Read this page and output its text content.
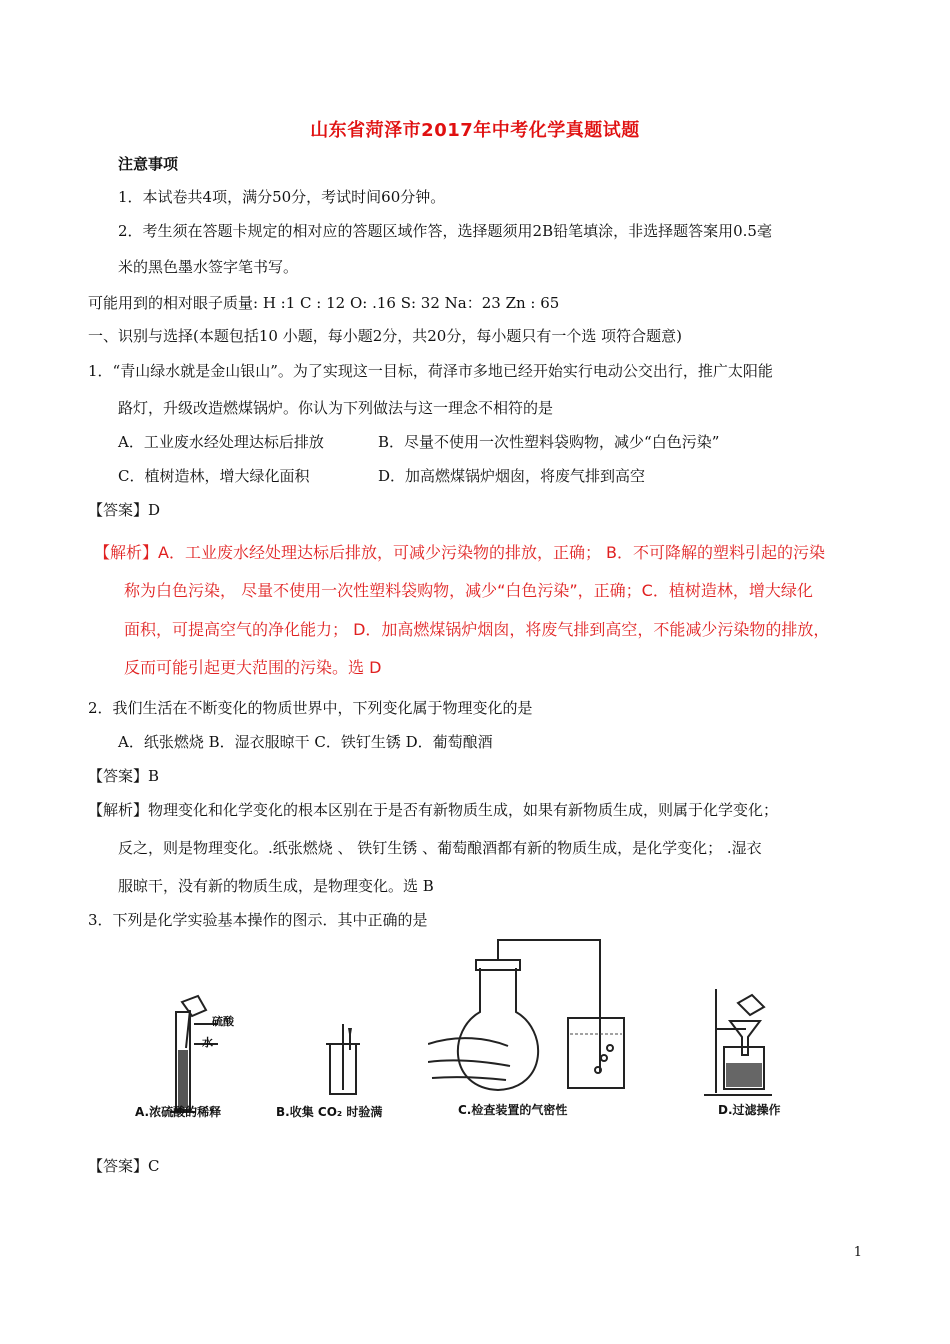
山东省菏泽市2017年中考化学真题试题
注意事项
1．本试卷共4项，满分50分，考试时间60分钟。
2．考生须在答题卡规定的相对应的答题区域作答，选择题须用2B铅笔填涂，非选择题答案用0.5毫
米的黑色墨水签字笔书写。
可能用到的相对眼子质量: H :1 C : 12 O: .16 S: 32 Na：23 Zn : 65
一、识别与选择(本题包括10 小题，每小题2分，共20分，每小题只有一个选 项符合题意)
1．“青山绿水就是金山银山”。为了实现这一目标，荷泽市多地已经开始实行电动公交出行，推广太阳能
路灯，升级改造燃煤锅炉。你认为下列做法与这一理念不相符的是
A．工业废水经处理达标后排放	B．尽量不使用一次性塑料袋购物，减少“白色污染”
C．植树造林，增大绿化面积	D．加高燃煤锅炉烟囱，将废气排到高空
【答案】D
【解析】A．工业废水经处理达标后排放，可减少污染物的排放，正确； B．不可降解的塑料引起的污染
称为白色污染， 尽量不使用一次性塑料袋购物，减少“白色污染”，正确；C．植树造林，增大绿化
面积，可提高空气的净化能力； D．加高燃煤锅炉烟囱，将废气排到高空，不能减少污染物的排放，
反而可能引起更大范围的污染。选 D
2．我们生活在不断变化的物质世界中，下列变化属于物理变化的是
A．纸张燃烧 B．湿衣服晾干 C．铁钉生锈 D．葡萄酿酒
【答案】B
【解析】物理变化和化学变化的根本区别在于是否有新物质生成，如果有新物质生成，则属于化学变化；
反之，则是物理变化。.纸张燃烧 、 铁钉生锈 、葡萄酿酒都有新的物质生成，是化学变化； .湿衣
服晾干，没有新的物质生成，是物理变化。选 B
3．下列是化学实验基本操作的图示．其中正确的是
硫酸
水
A.浓硫酸的稀释	B.收集 CO₂ 时验满	C.检查装置的气密性	D.过滤操作
【答案】C
1
